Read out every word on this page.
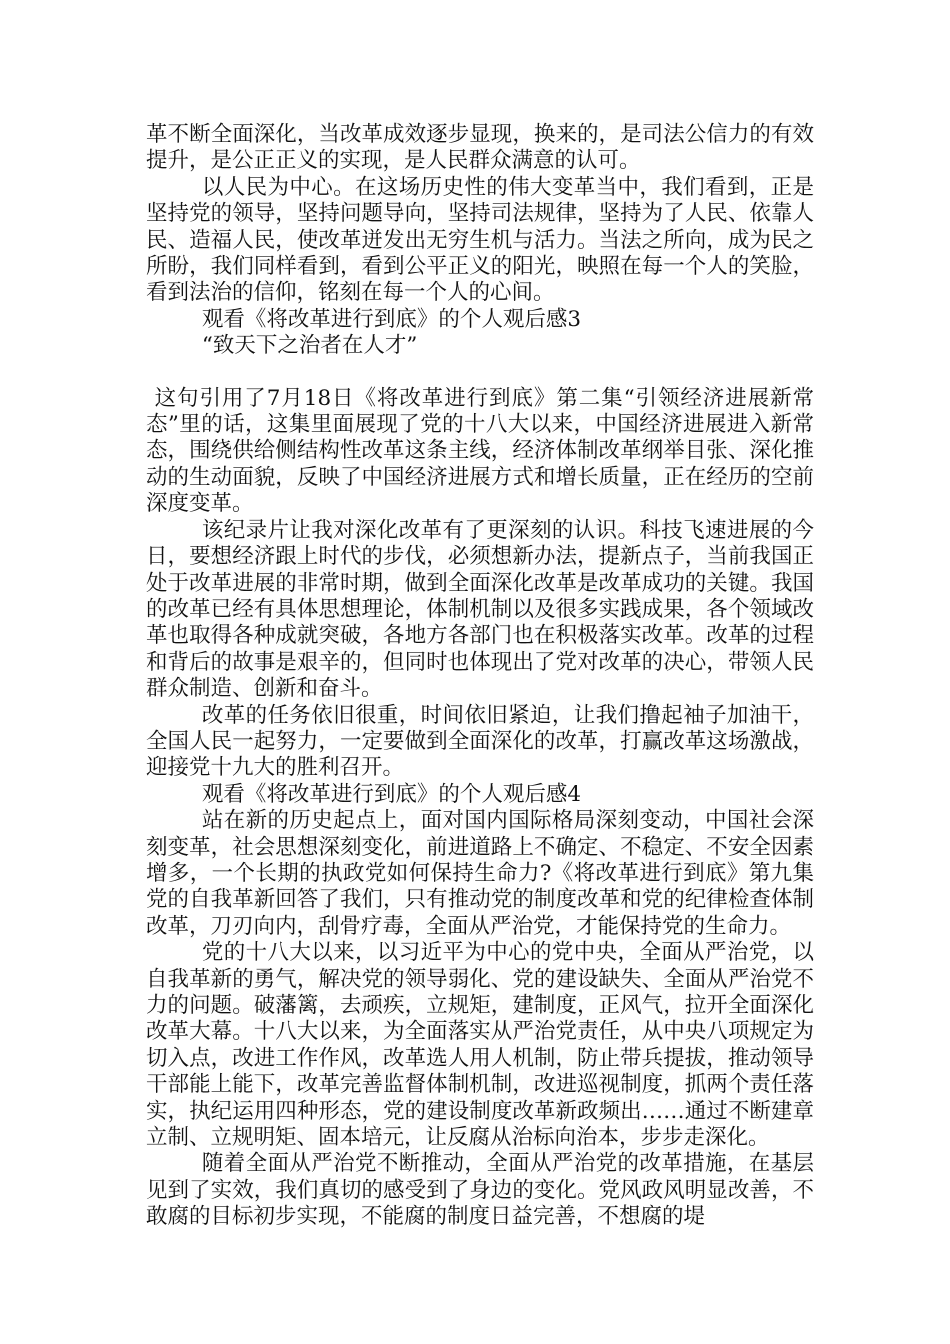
革不断全面深化，当改革成效逐步显现，换来的，是司法公信力的有效提升，是公正正义的实现，是人民群众满意的认可。

以人民为中心。在这场历史性的伟大变革当中，我们看到，正是坚持党的领导，坚持问题导向，坚持司法规律，坚持为了人民、依靠人民、造福人民，使改革迸发出无穷生机与活力。当法之所向，成为民之所盼，我们同样看到，看到公平正义的阳光，映照在每一个人的笑脸，看到法治的信仰，铭刻在每一个人的心间。

观看《将改革进行到底》的个人观后感3

“致天下之治者在人才”

这句引用了7月18日《将改革进行到底》第二集“引领经济进展新常态”里的话，这集里面展现了党的十八大以来，中国经济进展进入新常态，围绕供给侧结构性改革这条主线，经济体制改革纲举目张、深化推动的生动面貌，反映了中国经济进展方式和增长质量，正在经历的空前深度变革。

该纪录片让我对深化改革有了更深刻的认识。科技飞速进展的今日，要想经济跟上时代的步伐，必须想新办法，提新点子，当前我国正处于改革进展的非常时期，做到全面深化改革是改革成功的关键。我国的改革已经有具体思想理论，体制机制以及很多实践成果，各个领域改革也取得各种成就突破，各地方各部门也在积极落实改革。改革的过程和背后的故事是艰辛的，但同时也体现出了党对改革的决心，带领人民群众制造、创新和奋斗。

改革的任务依旧很重，时间依旧紧迫，让我们撸起袖子加油干，全国人民一起努力，一定要做到全面深化的改革，打赢改革这场激战，迎接党十九大的胜利召开。

观看《将改革进行到底》的个人观后感4

站在新的历史起点上，面对国内国际格局深刻变动，中国社会深刻变革，社会思想深刻变化，前进道路上不确定、不稳定、不安全因素增多，一个长期的执政党如何保持生命力?《将改革进行到底》第九集党的自我革新回答了我们，只有推动党的制度改革和党的纪律检查体制改革，刀刃向内，刮骨疗毒，全面从严治党，才能保持党的生命力。

党的十八大以来，以习近平为中心的党中央，全面从严治党，以自我革新的勇气，解决党的领导弱化、党的建设缺失、全面从严治党不力的问题。破藩篱，去顽疾，立规矩，建制度，正风气，拉开全面深化改革大幕。十八大以来，为全面落实从严治党责任，从中央八项规定为切入点，改进工作作风，改革选人用人机制，防止带兵提拔，推动领导干部能上能下，改革完善监督体制机制，改进巡视制度，抓两个责任落实，执纪运用四种形态，党的建设制度改革新政频出……通过不断建章立制、立规明矩、固本培元，让反腐从治标向治本，步步走深化。

随着全面从严治党不断推动，全面从严治党的改革措施，在基层见到了实效，我们真切的感受到了身边的变化。党风政风明显改善，不敢腐的目标初步实现，不能腐的制度日益完善，不想腐的堤
